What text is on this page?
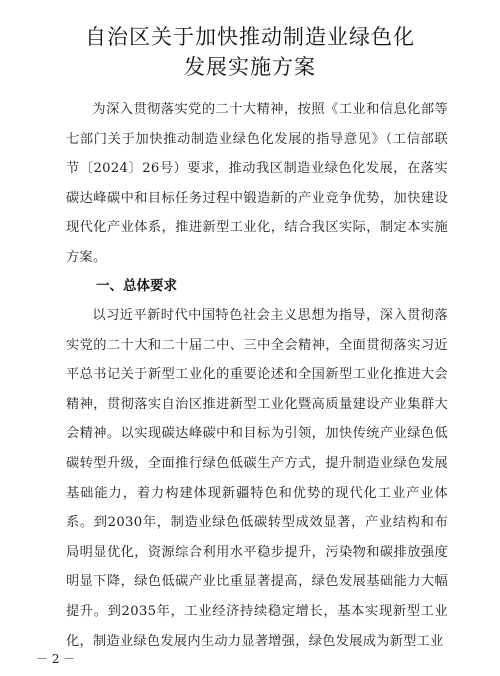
自治区关于加快推动制造业绿色化
发展实施方案

为深入贯彻落实党的二十大精神，按照《工业和信息化部等七部门关于加快推动制造业绿色化发展的指导意见》（工信部联节〔2024〕26号）要求，推动我区制造业绿色化发展，在落实碳达峰碳中和目标任务过程中锻造新的产业竞争优势，加快建设现代化产业体系，推进新型工业化，结合我区实际，制定本实施方案。

一、总体要求

以习近平新时代中国特色社会主义思想为指导，深入贯彻落实党的二十大和二十届二中、三中全会精神，全面贯彻落实习近平总书记关于新型工业化的重要论述和全国新型工业化推进大会精神，贯彻落实自治区推进新型工业化暨高质量建设产业集群大会精神。以实现碳达峰碳中和目标为引领，加快传统产业绿色低碳转型升级，全面推行绿色低碳生产方式，提升制造业绿色发展基础能力，着力构建体现新疆特色和优势的现代化工业产业体系。到2030年，制造业绿色低碳转型成效显著，产业结构和布局明显优化，资源综合利用水平稳步提升，污染物和碳排放强度明显下降，绿色低碳产业比重显著提高，绿色发展基础能力大幅提升。到2035年，工业经济持续稳定增长，基本实现新型工业化，制造业绿色发展内生动力显著增强，绿色发展成为新型工业

－ 2 －
